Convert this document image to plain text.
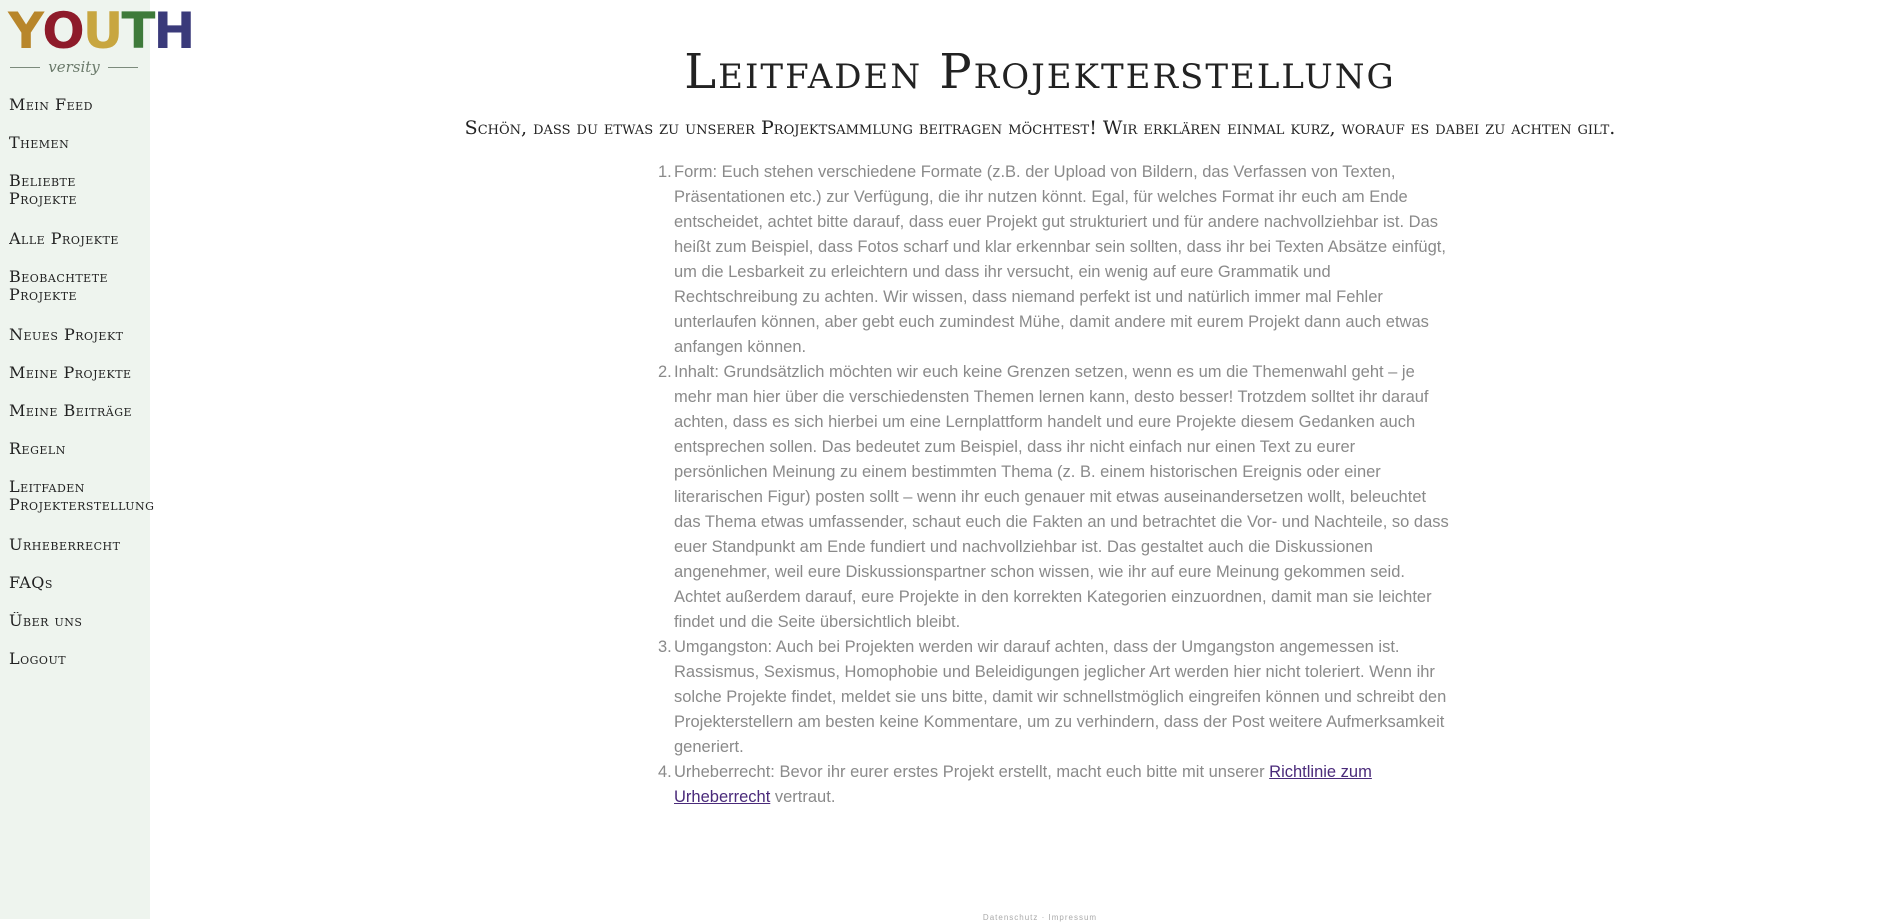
Y O U T H
versity
Mein Feed
Themen
Beliebte Projekte
Alle Projekte
Beobachtete Projekte
Neues Projekt
Meine Projekte
Meine Beiträge
Regeln
Leitfaden Projekterstellung
Urheberrecht
FAQs
Über uns
Logout
Leitfaden Projekterstellung

Schön, dass du etwas zu unserer Projektsammlung beitragen möchtest! Wir erklären einmal kurz, worauf es dabei zu achten gilt.

1. Form: Euch stehen verschiedene Formate (z.B. der Upload von Bildern, das Verfassen von Texten, Präsentationen etc.) zur Verfügung, die ihr nutzen könnt. Egal, für welches Format ihr euch am Ende entscheidet, achtet bitte darauf, dass euer Projekt gut strukturiert und für andere nachvollziehbar ist. Das heißt zum Beispiel, dass Fotos scharf und klar erkennbar sein sollten, dass ihr bei Texten Absätze einfügt, um die Lesbarkeit zu erleichtern und dass ihr versucht, ein wenig auf eure Grammatik und Rechtschreibung zu achten. Wir wissen, dass niemand perfekt ist und natürlich immer mal Fehler unterlaufen können, aber gebt euch zumindest Mühe, damit andere mit eurem Projekt dann auch etwas anfangen können.
2. Inhalt: Grundsätzlich möchten wir euch keine Grenzen setzen, wenn es um die Themenwahl geht – je mehr man hier über die verschiedensten Themen lernen kann, desto besser! Trotzdem solltet ihr darauf achten, dass es sich hierbei um eine Lernplattform handelt und eure Projekte diesem Gedanken auch entsprechen sollen. Das bedeutet zum Beispiel, dass ihr nicht einfach nur einen Text zu eurer persönlichen Meinung zu einem bestimmten Thema (z. B. einem historischen Ereignis oder einer literarischen Figur) posten sollt – wenn ihr euch genauer mit etwas auseinandersetzen wollt, beleuchtet das Thema etwas umfassender, schaut euch die Fakten an und betrachtet die Vor- und Nachteile, so dass euer Standpunkt am Ende fundiert und nachvollziehbar ist. Das gestaltet auch die Diskussionen angenehmer, weil eure Diskussionspartner schon wissen, wie ihr auf eure Meinung gekommen seid. Achtet außerdem darauf, eure Projekte in den korrekten Kategorien einzuordnen, damit man sie leichter findet und die Seite übersichtlich bleibt.
3. Umgangston: Auch bei Projekten werden wir darauf achten, dass der Umgangston angemessen ist. Rassismus, Sexismus, Homophobie und Beleidigungen jeglicher Art werden hier nicht toleriert. Wenn ihr solche Projekte findet, meldet sie uns bitte, damit wir schnellstmöglich eingreifen können und schreibt den Projekterstellern am besten keine Kommentare, um zu verhindern, dass der Post weitere Aufmerksamkeit generiert.
4. Urheberrecht: Bevor ihr eurer erstes Projekt erstellt, macht euch bitte mit unserer Richtlinie zum Urheberrecht vertraut.
Datenschutz · Impressum
